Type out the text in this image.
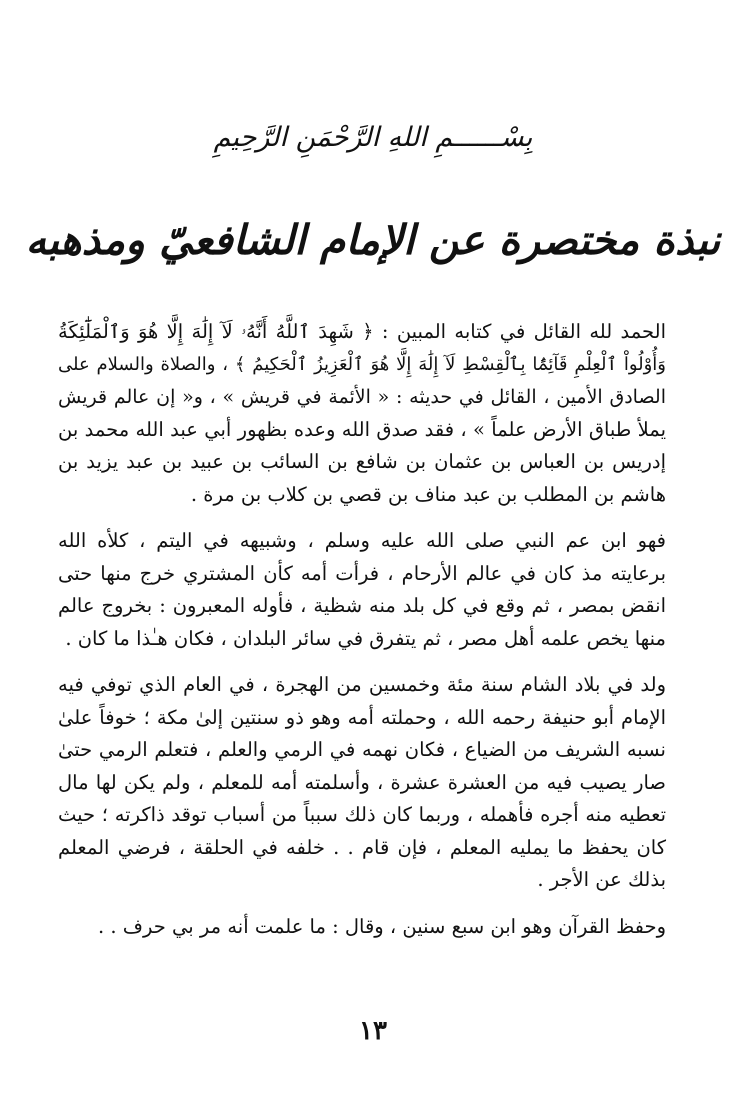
بِسْــــــمِ اللهِ الرَّحْمَنِ الرَّحِيمِ
نبذة مختصرة عن الإمام الشافعيّ ومذهبه

الحمد لله القائل في كتابه المبين : ﴿ شَهِدَ ٱللَّهُ أَنَّهُۥ لَآ إِلَٰهَ إِلَّا هُوَ وَٱلْمَلَٰٓئِكَةُ
وَأُوْلُواْ ٱلْعِلْمِ قَآئِمًۢا بِٱلْقِسْطِ لَآ إِلَٰهَ إِلَّا هُوَ ٱلْعَزِيزُ ٱلْحَكِيمُ ﴾ ، والصلاة والسلام على
الصادق الأمين ، القائل في حديثه : « الأئمة في قريش » ، و« إن عالم قريش
يملأ طباق الأرض علماً » ، فقد صدق الله وعده بظهور أبي عبد الله محمد بن
إدريس بن العباس بن عثمان بن شافع بن السائب بن عبيد بن عبد يزيد بن
هاشم بن المطلب بن عبد مناف بن قصي بن كلاب بن مرة .

فهو ابن عم النبي صلى الله عليه وسلم ، وشبيهه في اليتم ، كلأه الله
برعايته مذ كان في عالم الأرحام ، فرأت أمه كأن المشتري خرج منها حتى
انقض بمصر ، ثم وقع في كل بلد منه شظية ، فأوله المعبرون : بخروج عالم
منها يخص علمه أهل مصر ، ثم يتفرق في سائر البلدان ، فكان هـٰذا ما كان .

ولد في بلاد الشام سنة مئة وخمسين من الهجرة ، في العام الذي توفي فيه
الإمام أبو حنيفة رحمه الله ، وحملته أمه وهو ذو سنتين إلىٰ مكة ؛ خوفاً علىٰ
نسبه الشريف من الضياع ، فكان نهمه في الرمي والعلم ، فتعلم الرمي حتىٰ
صار يصيب فيه من العشرة عشرة ، وأسلمته أمه للمعلم ، ولم يكن لها مال
تعطيه منه أجره فأهمله ، وربما كان ذلك سبباً من أسباب توقد ذاكرته ؛ حيث
كان يحفظ ما يمليه المعلم ، فإن قام . . خلفه في الحلقة ، فرضي المعلم
بذلك عن الأجر .

وحفظ القرآن وهو ابن سبع سنين ، وقال : ما علمت أنه مر بي حرف . .

١٣
